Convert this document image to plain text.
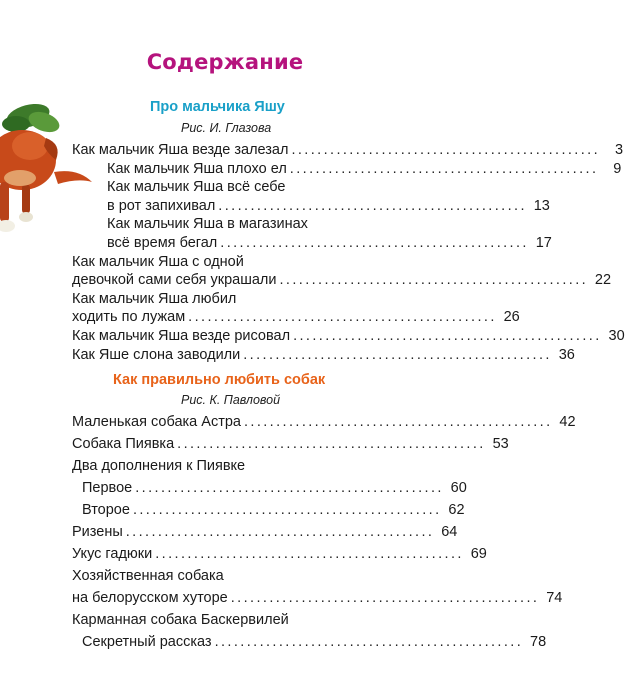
Содержание
Про мальчика Яшу
Рис. И. Глазова
Как правильно любить собак
Рис. К. Павловой
Как мальчик Яша везде залезал ................................................	3
Как мальчик Яша плохо ел ................................................	9
Как мальчик Яша всё себе
в рот запихивал ................................................ 13
Как мальчик Яша в магазинах
всё время бегал ................................................ 17
Как мальчик Яша с одной
девочкой сами себя украшали ................................................ 22
Как мальчик Яша любил
ходить по лужам ................................................ 26
Как мальчик Яша везде рисовал ................................................ 30
Как Яше слона заводили ................................................ 36
Маленькая собака Астра ................................................ 42
Собака Пиявка ................................................ 53
Два дополнения к Пиявке
Первое ................................................ 60
Второе ................................................ 62
Ризены ................................................ 64
Укус гадюки ................................................ 69
Хозяйственная собака
на белорусском хуторе ................................................ 74
Карманная собака Баскервилей
Секретный рассказ ................................................ 78
